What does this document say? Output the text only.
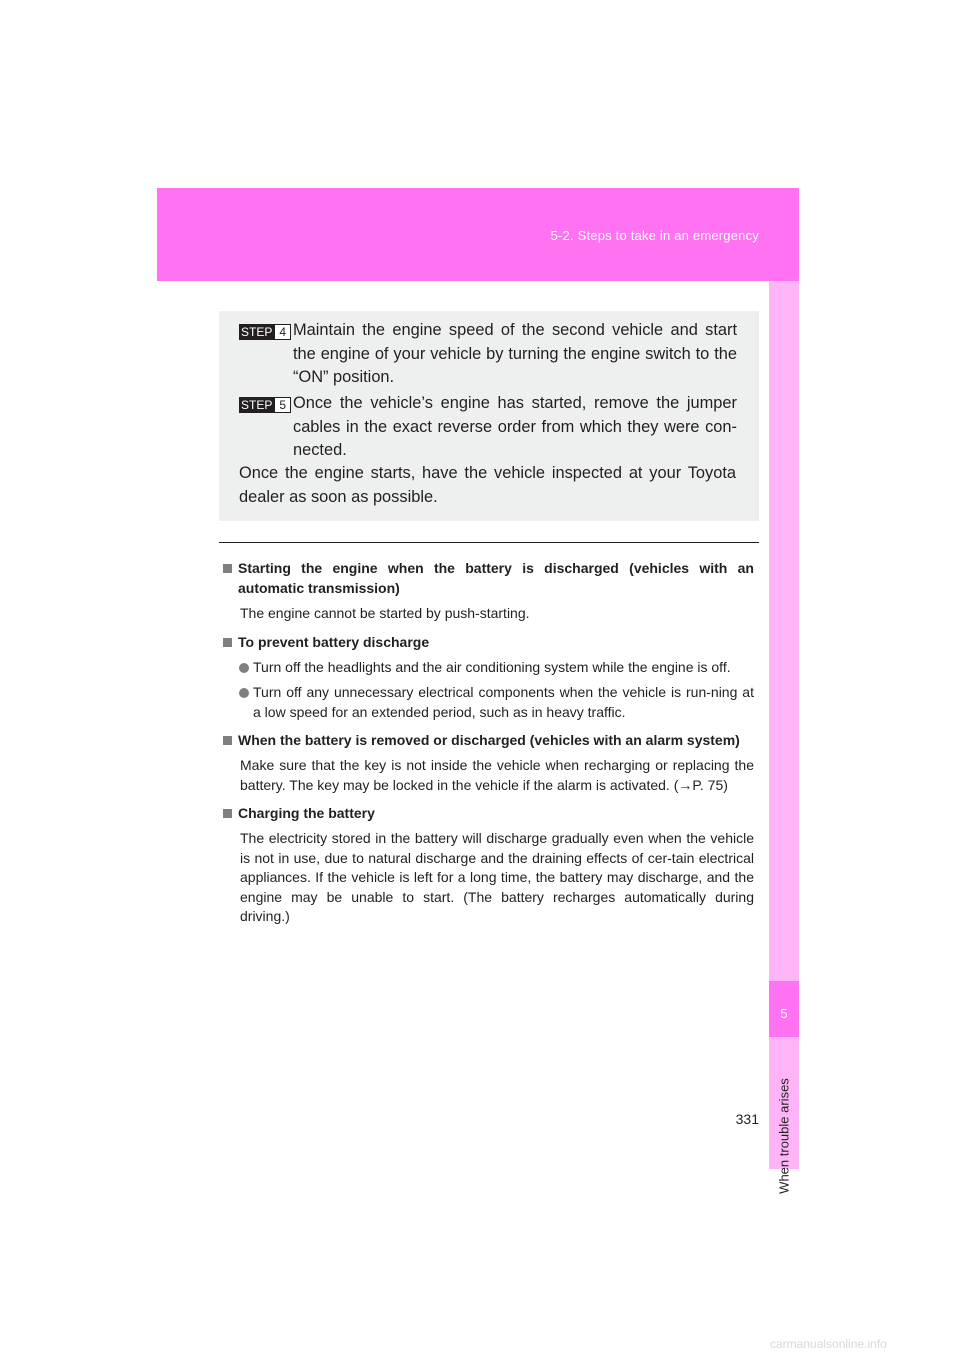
5-2. Steps to take in an emergency
5
When trouble arises
STEP 4 Maintain the engine speed of the second vehicle and start the engine of your vehicle by turning the engine switch to the “ON” position.
STEP 5 Once the vehicle’s engine has started, remove the jumper cables in the exact reverse order from which they were con-nected.
Once the engine starts, have the vehicle inspected at your Toyota dealer as soon as possible.
Starting the engine when the battery is discharged (vehicles with an automatic transmission)
The engine cannot be started by push-starting.
To prevent battery discharge
Turn off the headlights and the air conditioning system while the engine is off.
Turn off any unnecessary electrical components when the vehicle is run-ning at a low speed for an extended period, such as in heavy traffic.
When the battery is removed or discharged (vehicles with an alarm system)
Make sure that the key is not inside the vehicle when recharging or replacing the battery. The key may be locked in the vehicle if the alarm is activated. (→P. 75)
Charging the battery
The electricity stored in the battery will discharge gradually even when the vehicle is not in use, due to natural discharge and the draining effects of cer-tain electrical appliances. If the vehicle is left for a long time, the battery may discharge, and the engine may be unable to start. (The battery recharges automatically during driving.)
331
carmanualsonline.info
